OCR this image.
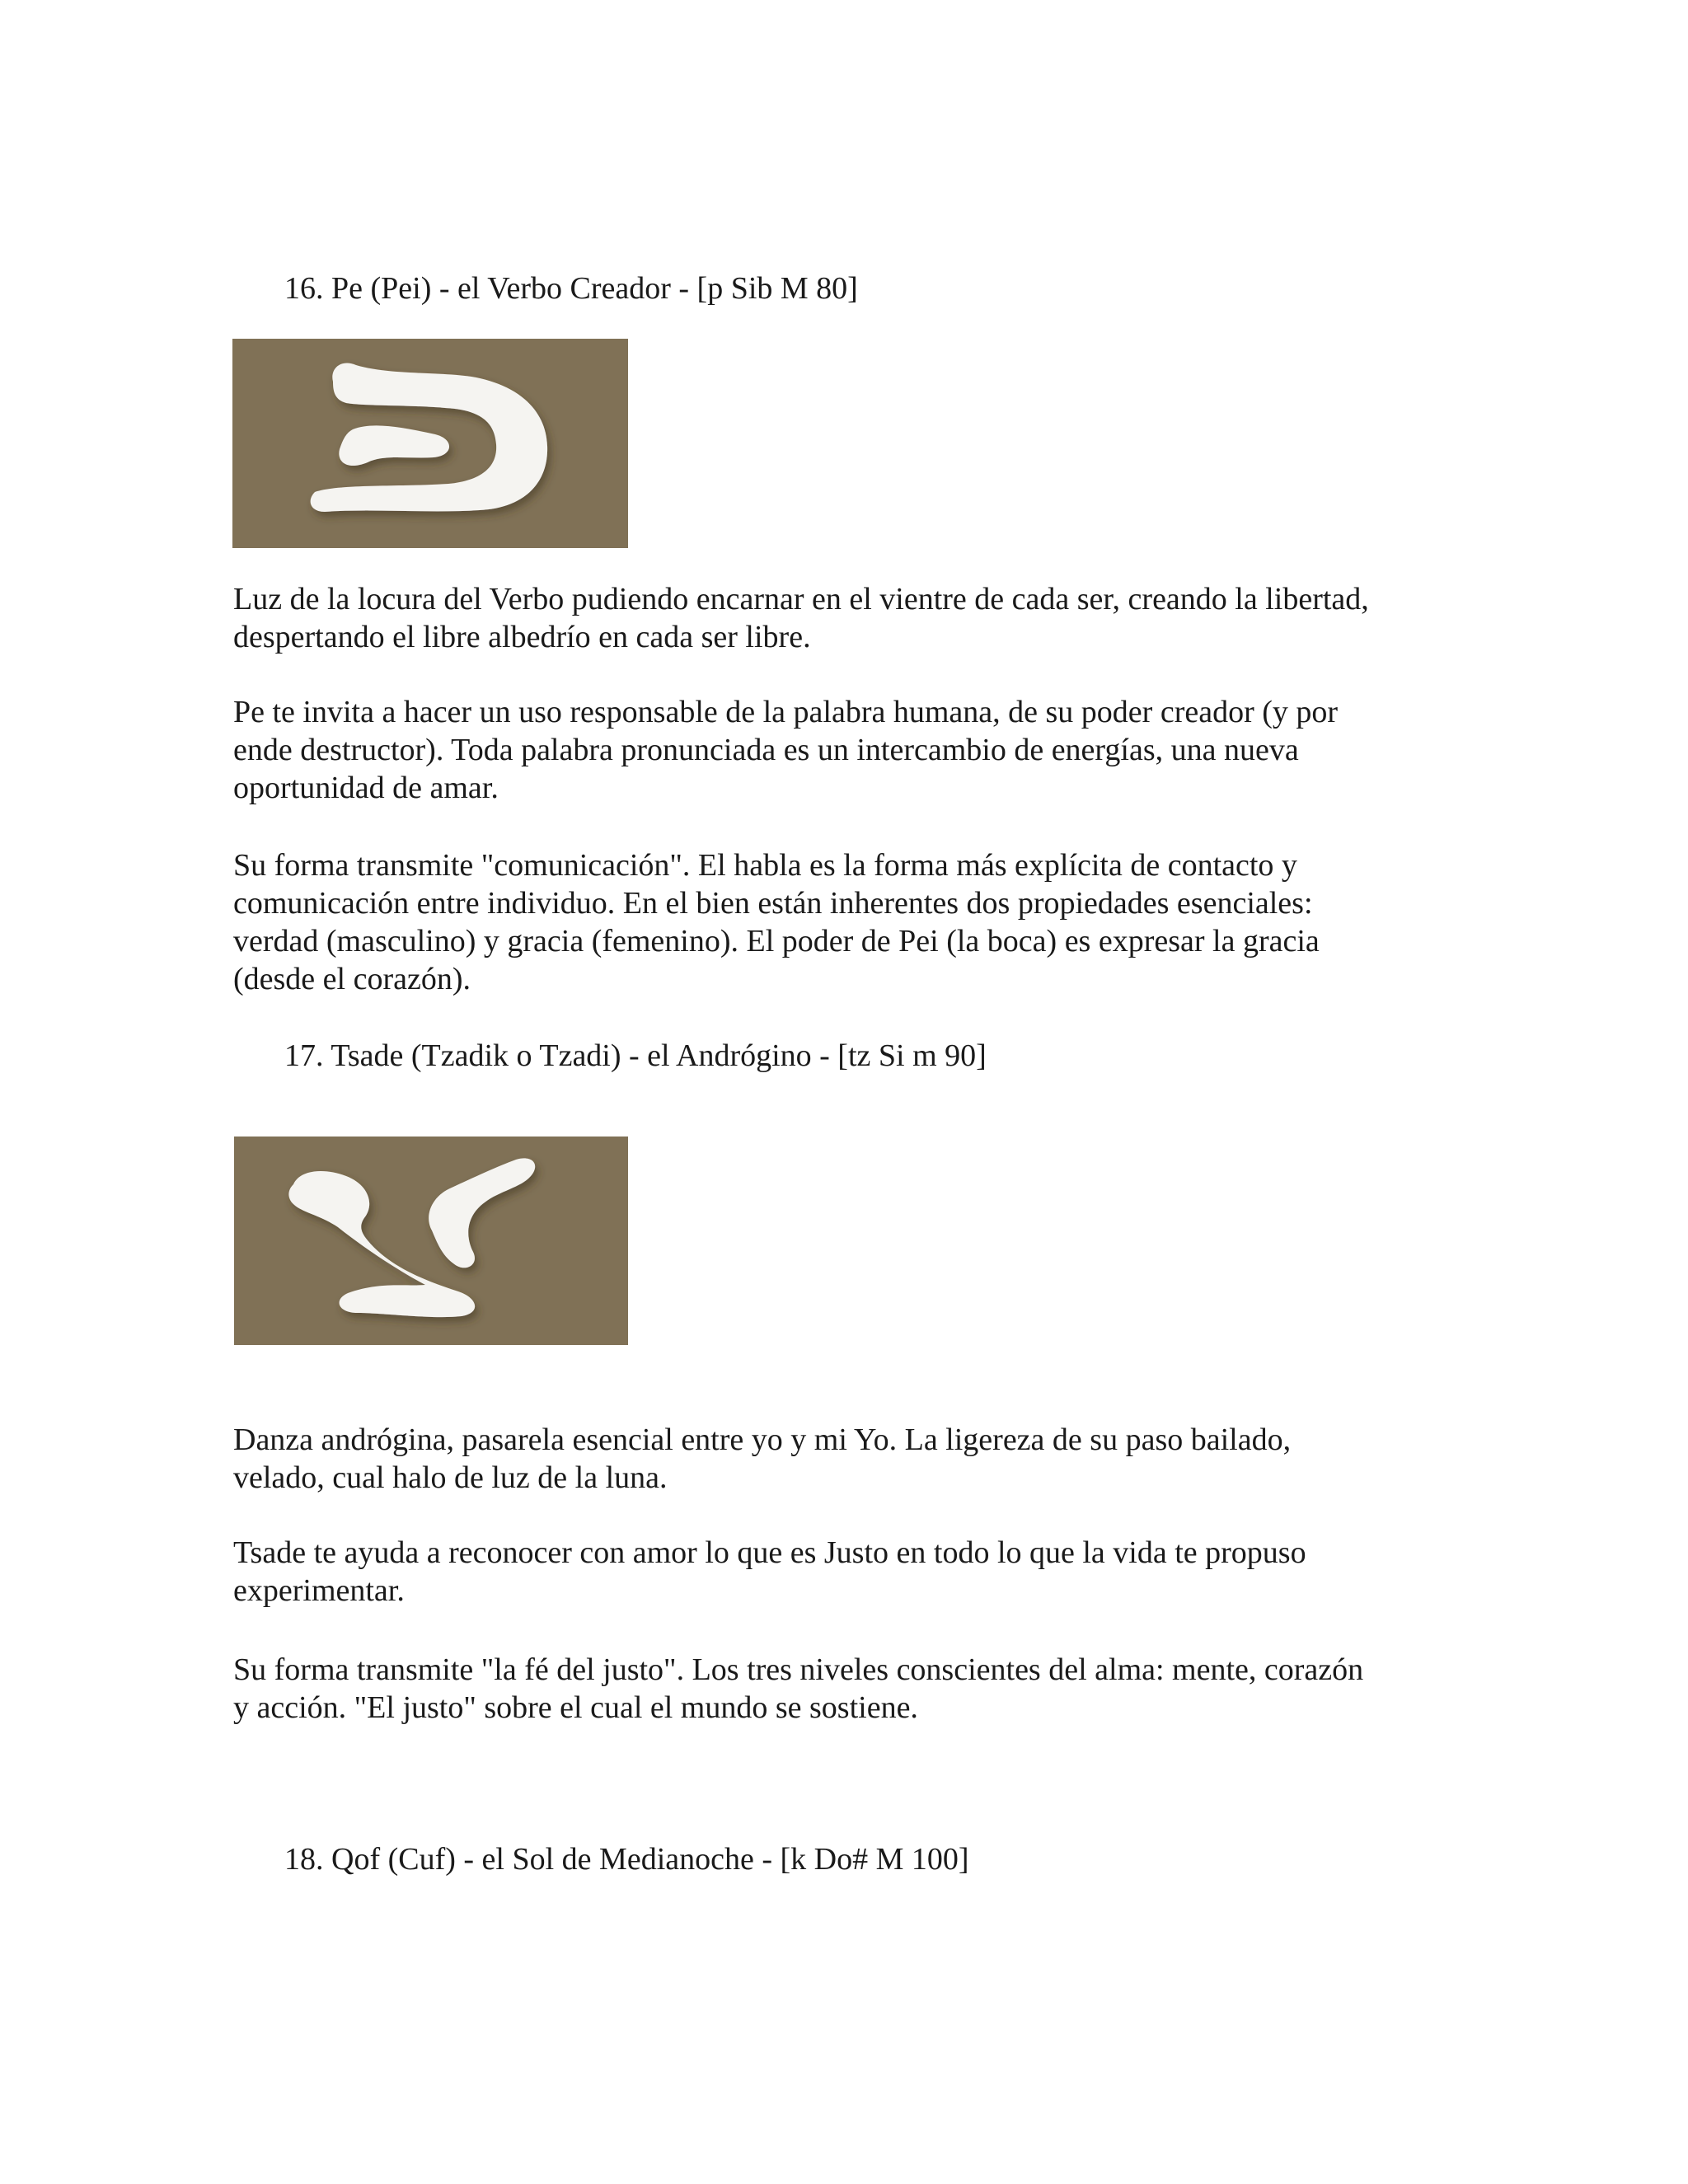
16. Pe (Pei) - el Verbo Creador - [p Sib M 80]
Luz de la locura del Verbo pudiendo encarnar en el vientre de cada ser, creando la libertad,
despertando el libre albedrío en cada ser libre.
Pe te invita a hacer un uso responsable de la palabra humana, de su poder creador (y por
ende destructor). Toda palabra pronunciada es un intercambio de energías, una nueva
oportunidad de amar.
Su forma transmite "comunicación". El habla es la forma más explícita de contacto y
comunicación entre individuo. En el bien están inherentes dos propiedades esenciales:
verdad (masculino) y gracia (femenino). El poder de Pei (la boca) es expresar la gracia
(desde el corazón).
17. Tsade (Tzadik o Tzadi) - el Andrógino - [tz Si m 90]
Danza andrógina, pasarela esencial entre yo y mi Yo. La ligereza de su paso bailado,
velado, cual halo de luz de la luna.
Tsade te ayuda a reconocer con amor lo que es Justo en todo lo que la vida te propuso
experimentar.
Su forma transmite "la fé del justo". Los tres niveles conscientes del alma: mente, corazón
y acción. "El justo" sobre el cual el mundo se sostiene.
18. Qof (Cuf) - el Sol de Medianoche - [k Do# M 100]
